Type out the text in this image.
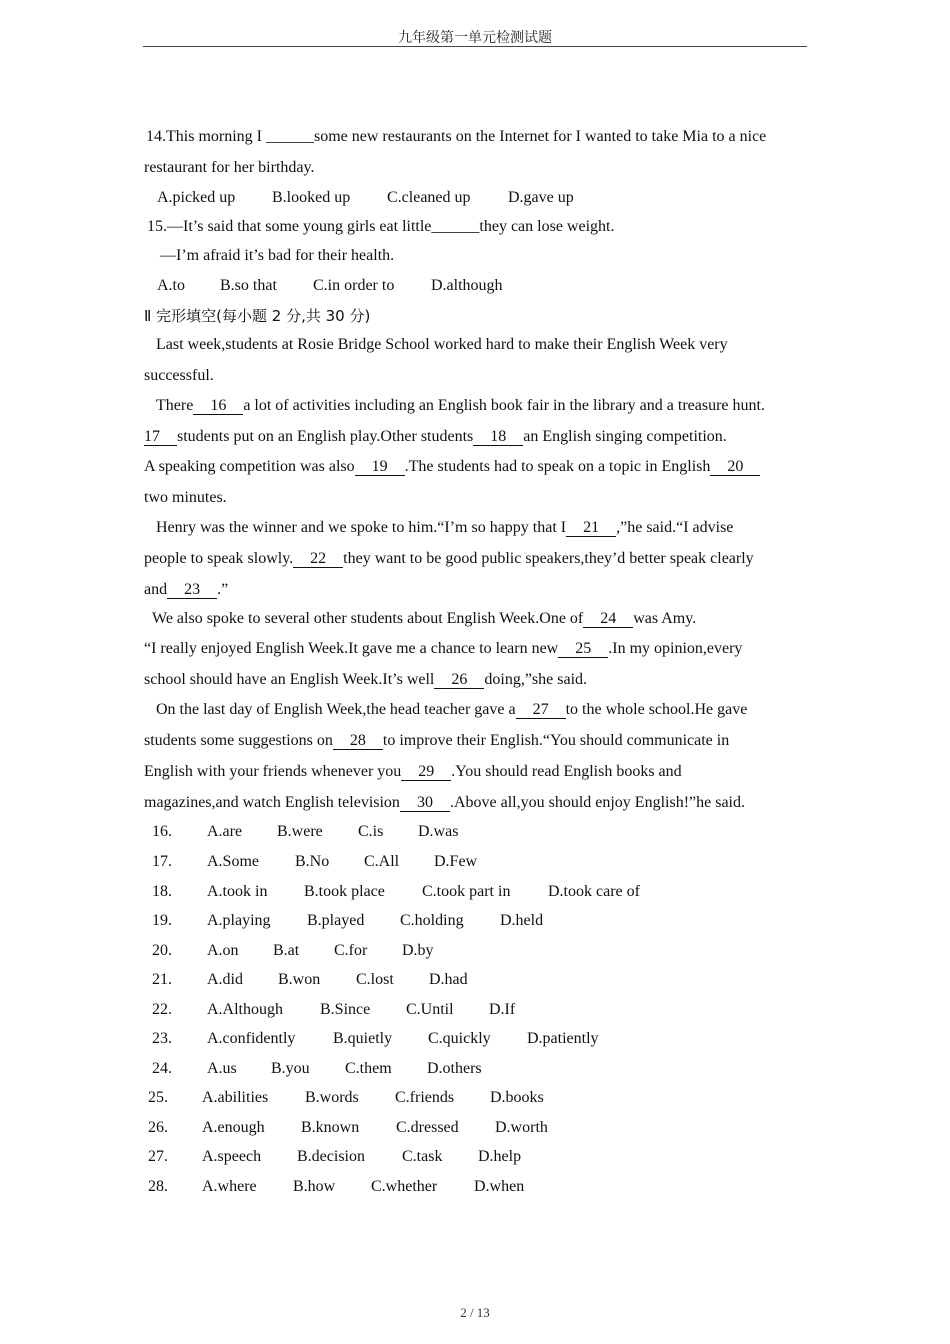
九年级第一单元检测试题
14.This morning I ______some new restaurants on the Internet for I wanted to take Mia to a nice
restaurant for her birthday.
A.picked up B.looked up C.cleaned up D.gave up
15.—It’s said that some young girls eat little______they can lose weight.
—I’m afraid it’s bad for their health.
A.to B.so that C.in order to D.although
Ⅱ 完形填空(每小题 2 分,共 30 分)
Last week,students at Rosie Bridge School worked hard to make their English Week very
successful.
There 16 a lot of activities including an English book fair in the library and a treasure hunt.
17 students put on an English play.Other students 18 an English singing competition.
A speaking competition was also 19 .The students had to speak on a topic in English 20
two minutes.
Henry was the winner and we spoke to him.“I’m so happy that I 21 ,”he said.“I advise
people to speak slowly. 22 they want to be good public speakers,they’d better speak clearly
and 23 .”
We also spoke to several other students about English Week.One of 24 was Amy.
“I really enjoyed English Week.It gave me a chance to learn new 25 .In my opinion,every
school should have an English Week.It’s well 26 doing,”she said.
On the last day of English Week,the head teacher gave a 27 to the whole school.He gave
students some suggestions on 28 to improve their English.“You should communicate in
English with your friends whenever you 29 .You should read English books and
magazines,and watch English television 30 .Above all,you should enjoy English!”he said.
16. A.are B.were C.is D.was
17. A.Some B.No C.All D.Few
18. A.took in B.took place C.took part in D.took care of
19. A.playing B.played C.holding D.held
20. A.on B.at C.for D.by
21. A.did B.won C.lost D.had
22. A.Although B.Since C.Until D.If
23. A.confidently B.quietly C.quickly D.patiently
24. A.us B.you C.them D.others
25. A.abilities B.words C.friends D.books
26. A.enough B.known C.dressed D.worth
27. A.speech B.decision C.task D.help
28. A.where B.how C.whether D.when
2 / 13
